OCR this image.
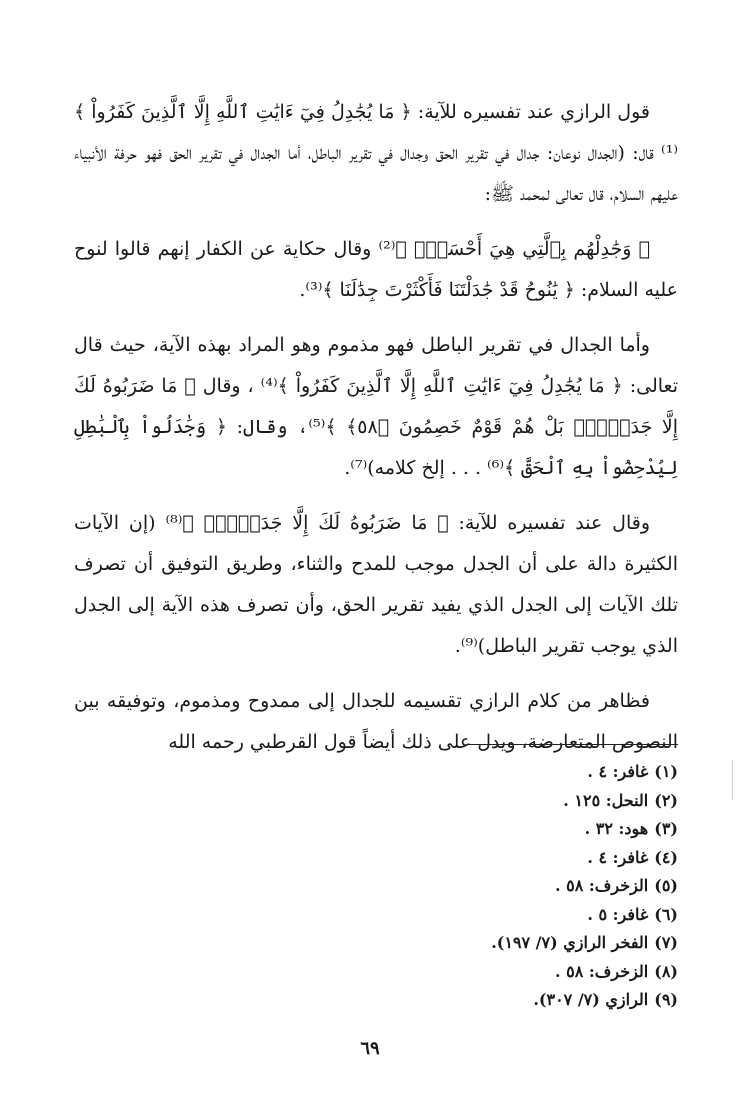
قول الرازي عند تفسيره للآية: ﴿ مَا يُجَٰدِلُ فِيٓ ءَايَٰتِ ٱللَّهِ إِلَّا ٱلَّذِينَ كَفَرُواْ ﴾⁽¹⁾ قال: (الجدال نوعان: جدال في تقرير الحق وجدال في تقرير الباطل، أما الجدال في تقرير الحق فهو حرفة الأنبياء عليهم السلام، قال تعالى لمحمد ﷺ:

﴿ وَجَٰدِلْهُم بِٱلَّتِي هِيَ أَحْسَنُۚ ﴾⁽²⁾ وقال حكاية عن الكفار إنهم قالوا لنوح عليه السلام: ﴿ يَٰنُوحُ قَدْ جَٰدَلْتَنَا فَأَكْثَرْتَ جِدَٰلَنَا ﴾⁽³⁾.

وأما الجدال في تقرير الباطل فهو مذموم وهو المراد بهذه الآية، حيث قال تعالى: ﴿ مَا يُجَٰدِلُ فِيٓ ءَايَٰتِ ٱللَّهِ إِلَّا ٱلَّذِينَ كَفَرُواْ ﴾⁽⁴⁾ ، وقال ﴿ مَا ضَرَبُوهُ لَكَ إِلَّا جَدَلَۢاۚ بَلْ هُمْ قَوْمٌ خَصِمُونَ ﴿٥٨﴾ ﴾⁽⁵⁾، وقال: ﴿ وَجَٰدَلُواْ بِٱلْبَٰطِلِ لِيُدْحِضُواْ بِهِ ٱلْحَقَّ ﴾⁽⁶⁾ . . . إلخ كلامه)⁽⁷⁾.

وقال عند تفسيره للآية: ﴿ مَا ضَرَبُوهُ لَكَ إِلَّا جَدَلَۢاۚ ﴾⁽⁸⁾ (إن الآيات الكثيرة دالة على أن الجدل موجب للمدح والثناء، وطريق التوفيق أن تصرف تلك الآيات إلى الجدل الذي يفيد تقرير الحق، وأن تصرف هذه الآية إلى الجدل الذي يوجب تقرير الباطل)⁽⁹⁾.

فظاهر من كلام الرازي تقسيمه للجدال إلى ممدوح ومذموم، وتوفيقه بين النصوص المتعارضة، ويدل على ذلك أيضاً قول القرطبي رحمه الله

(١)غافر: ٤ .
(٢)النحل: ١٢٥ .
(٣)هود: ٣٢ .
(٤)غافر: ٤ .
(٥)الزخرف: ٥٨ .
(٦)غافر: ٥ .
(٧)الفخر الرازي (٧/ ١٩٧).
(٨)الزخرف: ٥٨ .
(٩)الرازي (٧/ ٣٠٧).
٦٩
